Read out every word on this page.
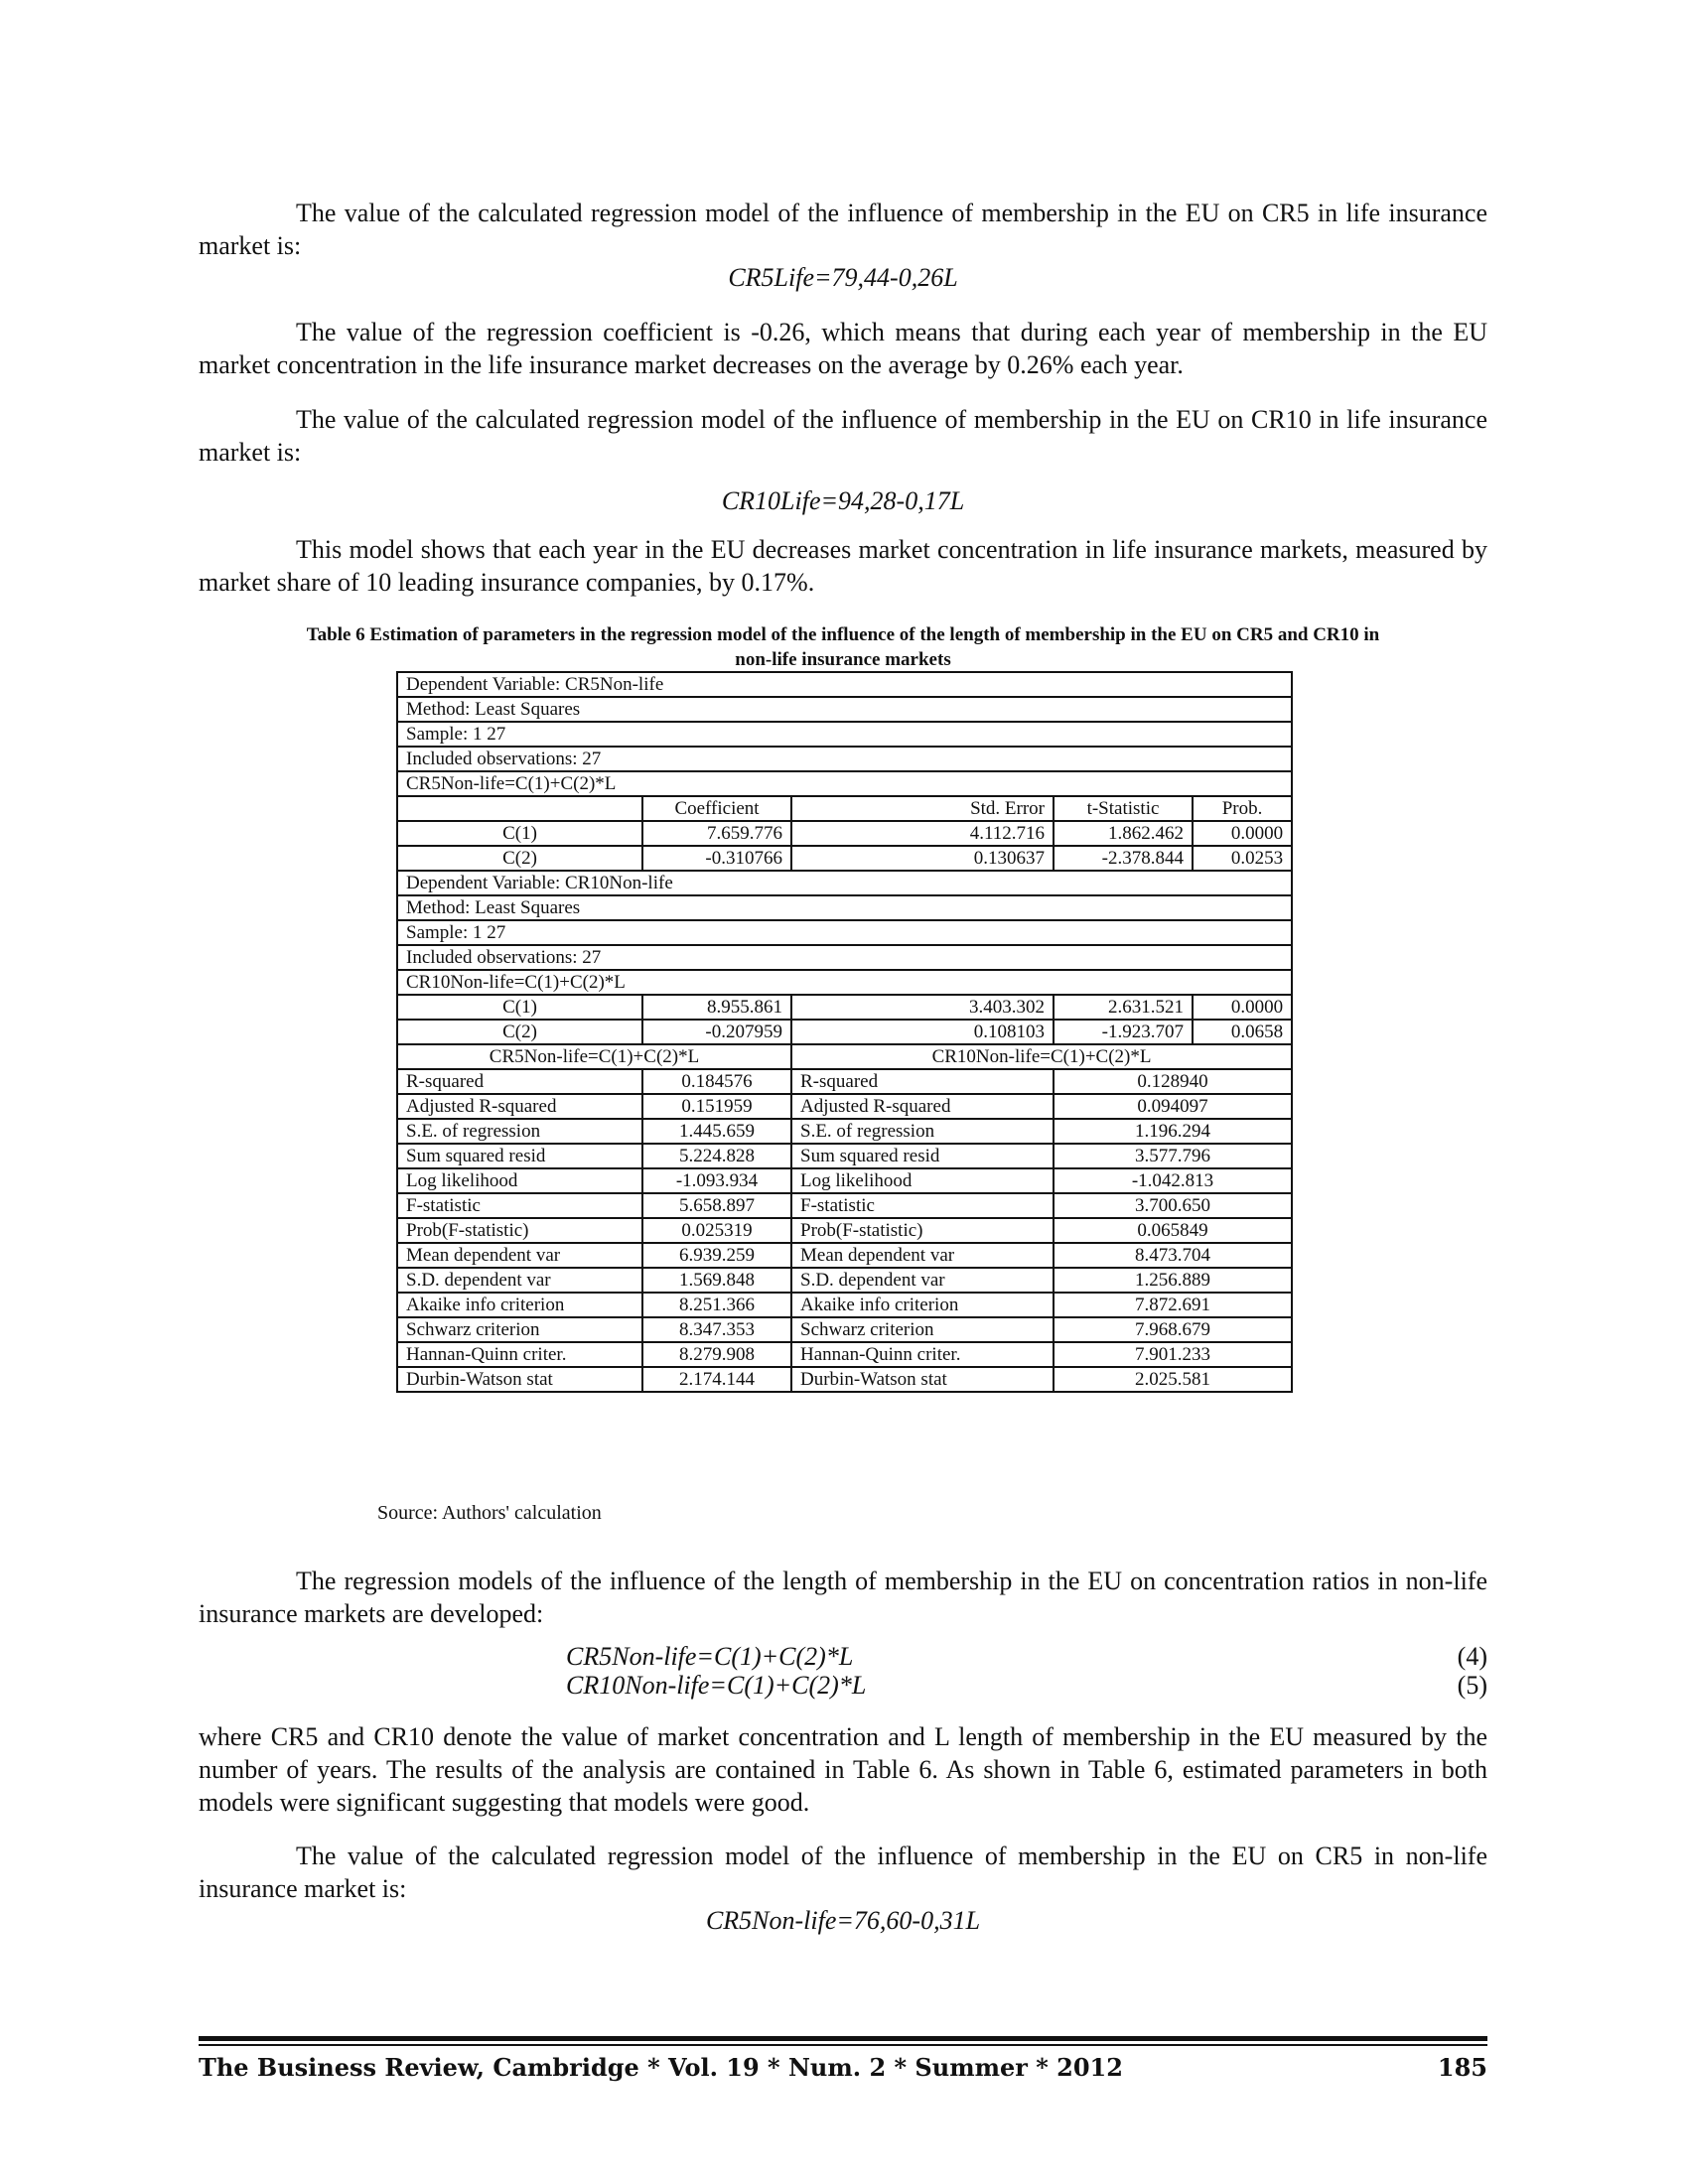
The value of the calculated regression model of the influence of membership in the EU on CR5 in life insurance market is:

CR5Life=79,44-0,26L

The value of the regression coefficient is -0.26, which means that during each year of membership in the EU market concentration in the life insurance market decreases on the average by 0.26% each year.

The value of the calculated regression model of the influence of membership in the EU on CR10 in life insurance market is:

CR10Life=94,28-0,17L

This model shows that each year in the EU decreases market concentration in life insurance markets, measured by market share of 10 leading insurance companies, by 0.17%.

Table 6 Estimation of parameters in the regression model of the influence of the length of membership in the EU on CR5 and CR10 in
non-life insurance markets

Dependent Variable: CR5Non-life				
Method: Least Squares				
Sample: 1 27				
Included observations: 27				
CR5Non-life=C(1)+C(2)*L				
	Coefficient	Std. Error	t-Statistic	Prob.
C(1)	7.659.776	4.112.716	1.862.462	0.0000
C(2)	-0.310766	0.130637	-2.378.844	0.0253
Dependent Variable: CR10Non-life				
Method: Least Squares				
Sample: 1 27				
Included observations: 27				
CR10Non-life=C(1)+C(2)*L				
C(1)	8.955.861	3.403.302	2.631.521	0.0000
C(2)	-0.207959	0.108103	-1.923.707	0.0658
CR5Non-life=C(1)+C(2)*L		CR10Non-life=C(1)+C(2)*L		
R-squared	0.184576	R-squared	0.128940	
Adjusted R-squared	0.151959	Adjusted R-squared	0.094097	
S.E. of regression	1.445.659	S.E. of regression	1.196.294	
Sum squared resid	5.224.828	Sum squared resid	3.577.796	
Log likelihood	-1.093.934	Log likelihood	-1.042.813	
F-statistic	5.658.897	F-statistic	3.700.650	
Prob(F-statistic)	0.025319	Prob(F-statistic)	0.065849	
Mean dependent var	6.939.259	Mean dependent var	8.473.704	
S.D. dependent var	1.569.848	S.D. dependent var	1.256.889	
Akaike info criterion	8.251.366	Akaike info criterion	7.872.691	
Schwarz criterion	8.347.353	Schwarz criterion	7.968.679	
Hannan-Quinn criter.	8.279.908	Hannan-Quinn criter.	7.901.233	
Durbin-Watson stat	2.174.144	Durbin-Watson stat	2.025.581	

Source: Authors' calculation

The regression models of the influence of the length of membership in the EU on concentration ratios in non-life insurance markets are developed:

CR5Non-life=C(1)+C(2)*L	(4)

CR10Non-life=C(1)+C(2)*L	(5)

where CR5 and CR10 denote the value of market concentration and L length of membership in the EU measured by the number of years. The results of the analysis are contained in Table 6. As shown in Table 6, estimated parameters in both models were significant suggesting that models were good.

The value of the calculated regression model of the influence of membership in the EU on CR5 in non-life insurance market is:

CR5Non-life=76,60-0,31L

The Business Review, Cambridge * Vol. 19 * Num. 2 * Summer * 2012	185
